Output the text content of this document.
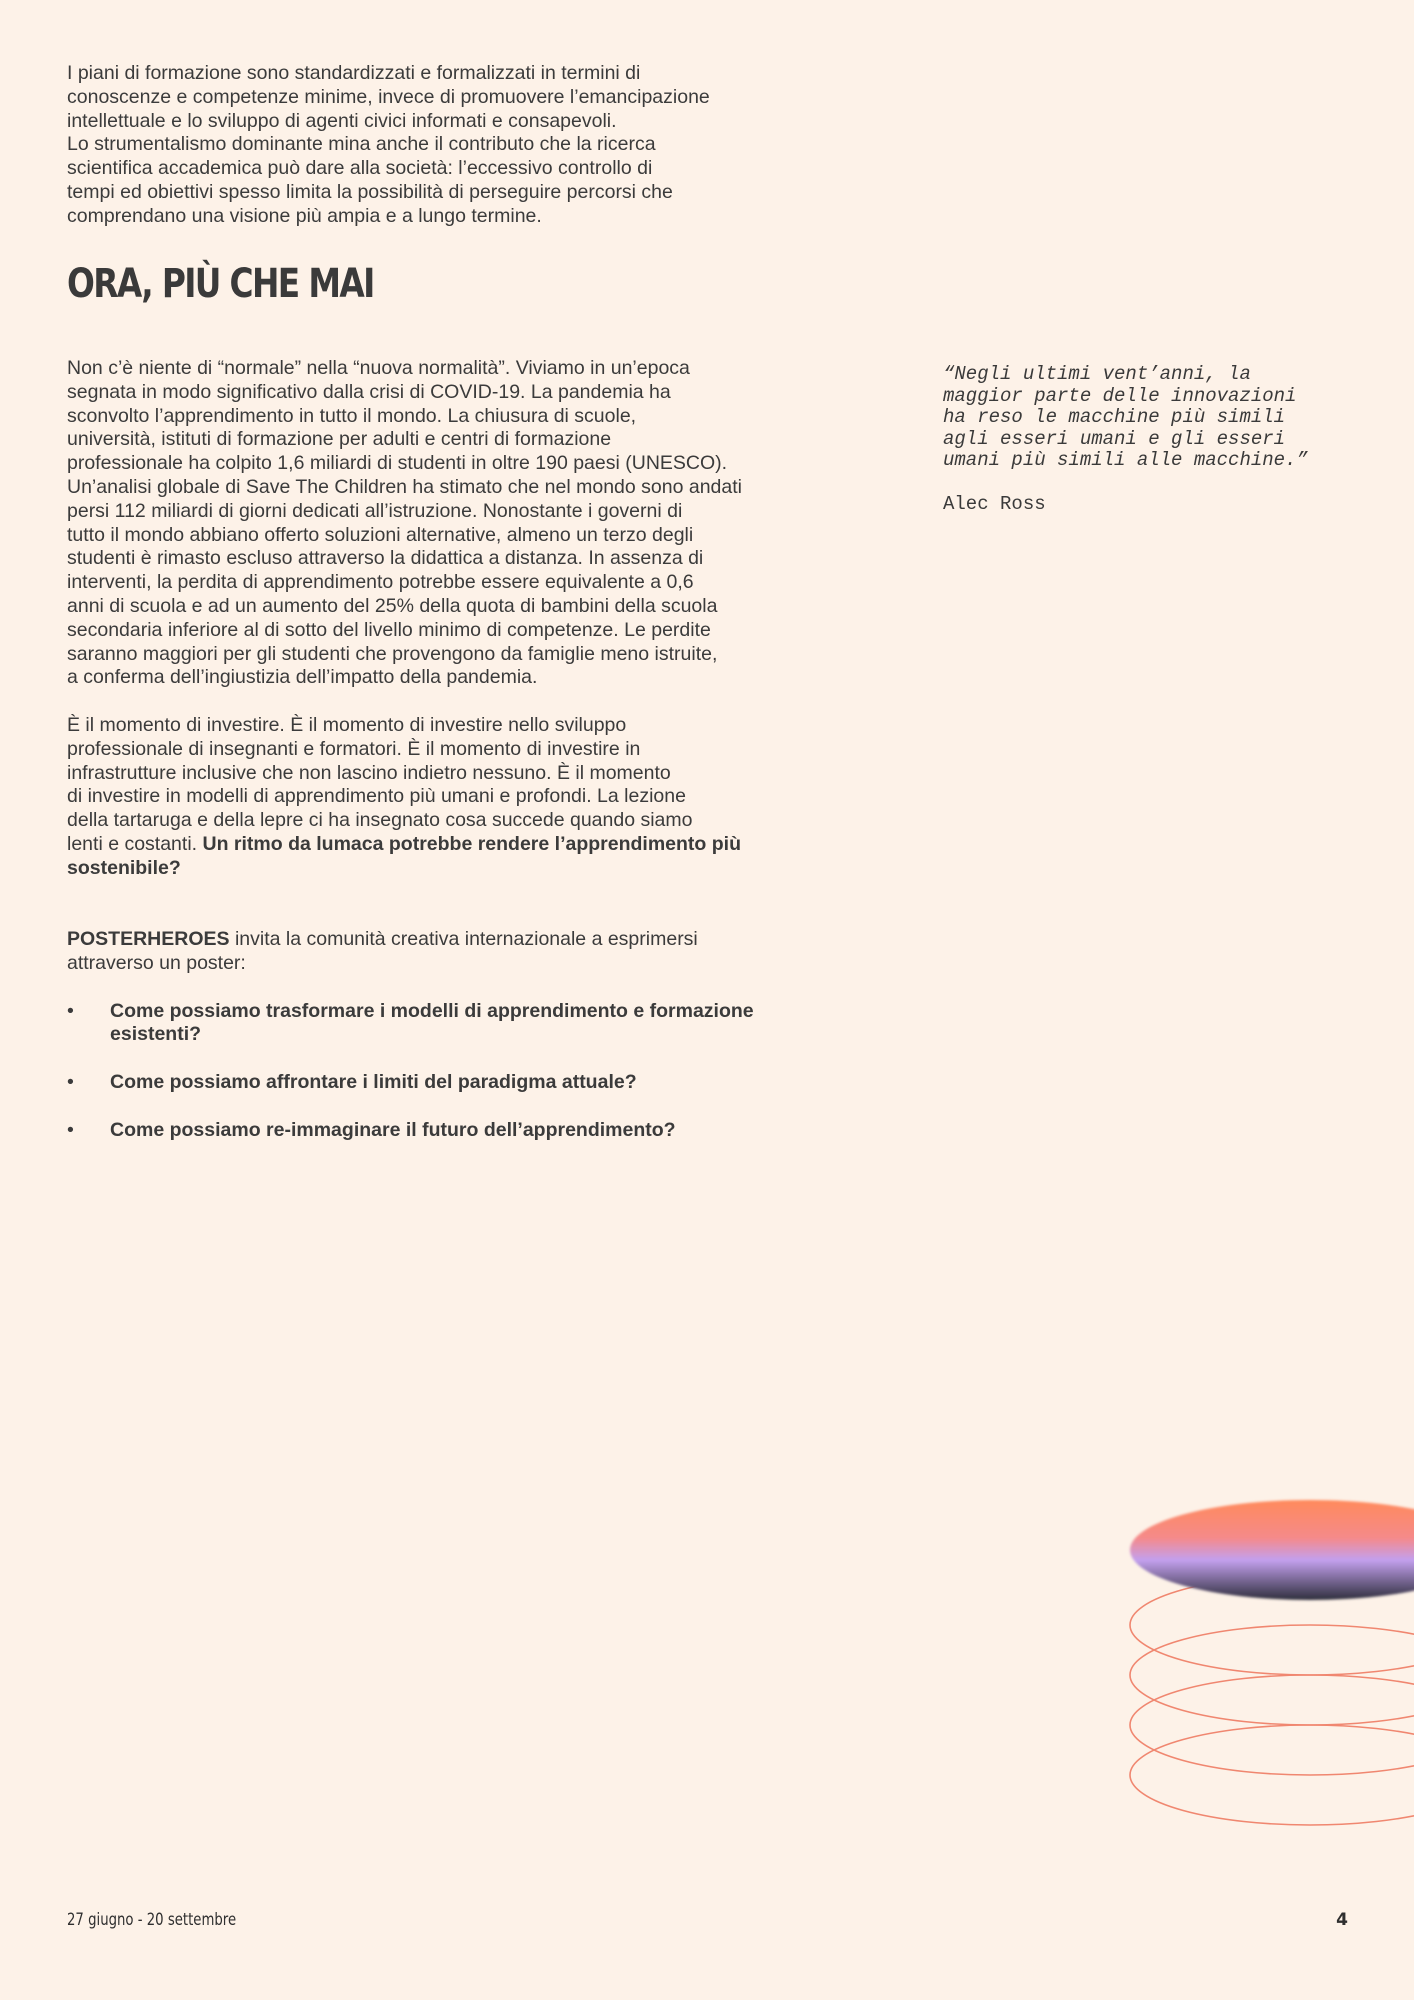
I piani di formazione sono standardizzati e formalizzati in termini di
conoscenze e competenze minime, invece di promuovere l’emancipazione
intellettuale e lo sviluppo di agenti civici informati e consapevoli.
Lo strumentalismo dominante mina anche il contributo che la ricerca
scientifica accademica può dare alla società: l’eccessivo controllo di
tempi ed obiettivi spesso limita la possibilità di perseguire percorsi che
comprendano una visione più ampia e a lungo termine.
ORA, PIÙ CHE MAI

Non c’è niente di “normale” nella “nuova normalità”. Viviamo in un’epoca
segnata in modo significativo dalla crisi di COVID-19. La pandemia ha
sconvolto l’apprendimento in tutto il mondo. La chiusura di scuole,
università, istituti di formazione per adulti e centri di formazione
professionale ha colpito 1,6 miliardi di studenti in oltre 190 paesi (UNESCO).
Un’analisi globale di Save The Children ha stimato che nel mondo sono andati
persi 112 miliardi di giorni dedicati all’istruzione. Nonostante i governi di
tutto il mondo abbiano offerto soluzioni alternative, almeno un terzo degli
studenti è rimasto escluso attraverso la didattica a distanza. In assenza di
interventi, la perdita di apprendimento potrebbe essere equivalente a 0,6
anni di scuola e ad un aumento del 25% della quota di bambini della scuola
secondaria inferiore al di sotto del livello minimo di competenze. Le perdite
saranno maggiori per gli studenti che provengono da famiglie meno istruite,
a conferma dell’ingiustizia dell’impatto della pandemia.

È il momento di investire. È il momento di investire nello sviluppo
professionale di insegnanti e formatori. È il momento di investire in
infrastrutture inclusive che non lascino indietro nessuno. È il momento
di investire in modelli di apprendimento più umani e profondi. La lezione
della tartaruga e della lepre ci ha insegnato cosa succede quando siamo
lenti e costanti. Un ritmo da lumaca potrebbe rendere l’apprendimento più
sostenibile?

POSTERHEROES invita la comunità creativa internazionale a esprimersi
attraverso un poster:

• Come possiamo trasformare i modelli di apprendimento e formazione
esistenti?
• Come possiamo affrontare i limiti del paradigma attuale?
• Come possiamo re-immaginare il futuro dell’apprendimento?
“Negli ultimi vent’anni, la
maggior parte delle innovazioni
ha reso le macchine più simili
agli esseri umani e gli esseri
umani più simili alle macchine.”
Alec Ross
27 giugno - 20 settembre	4
